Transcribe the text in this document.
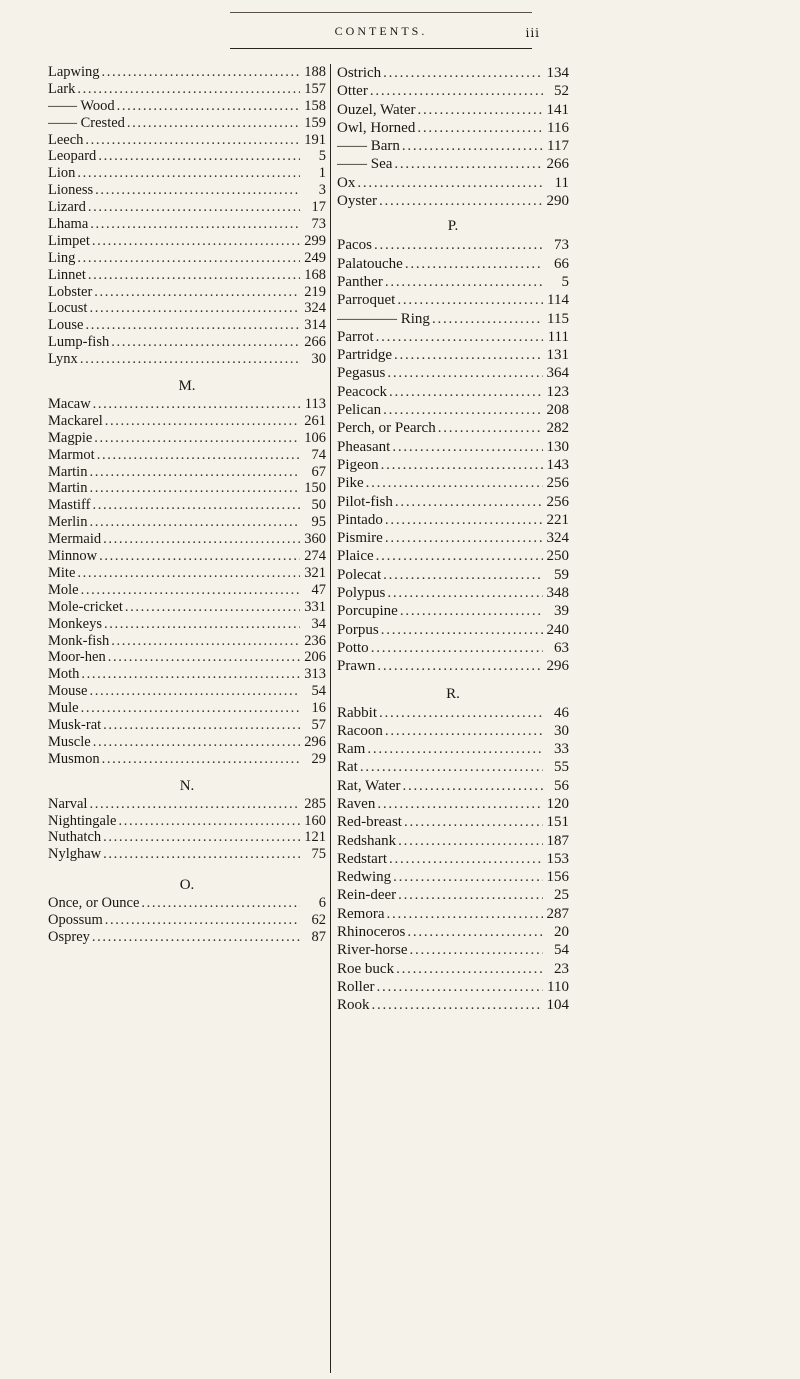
CONTENTS.	iii
Lapwing . . .	188
Lark . . .	157
—— Wood . . .	158
—— Crested . . .	159
Leech . . .	191
Leopard . . .	5
Lion . . .	1
Lioness . . .	3
Lizard . . .	17
Lhama . . .	73
Limpet . . .	299
Ling . . .	249
Linnet . . .	168
Lobster . . .	219
Locust . . .	324
Louse . . .	314
Lump-fish . . .	266
Lynx . . .	30
M.
Macaw . . .	113
Mackarel . . .	261
Magpie . . .	106
Marmot . . .	74
Martin . . .	67
Martin . . .	150
Mastiff . . .	50
Merlin . . .	95
Mermaid . . .	360
Minnow . . .	274
Mite . . .	321
Mole . . .	47
Mole-cricket . . .	331
Monkeys . . .	34
Monk-fish . . .	236
Moor-hen . . .	206
Moth . . .	313
Mouse . . .	54
Mule . . .	16
Musk-rat . . .	57
Muscle . . .	296
Musmon . . .	29
N.
Narval . . .	285
Nightingale . . .	160
Nuthatch . . .	121
Nylghaw . . .	75
O.
Once, or Ounce . . .	6
Opossum . . .	62
Osprey . . .	87
Ostrich . . .	134
Otter . . .	52
Ouzel, Water . . .	141
Owl, Horned . . .	116
—— Barn . . .	117
—— Sea . . .	266
Ox . . .	11
Oyster . . .	290
P.
Pacos . . .	73
Palatouche . . .	66
Panther . . .	5
Parroquet . . .	114
———— Ring . . .	115
Parrot . . .	111
Partridge . . .	131
Pegasus . . .	364
Peacock . . .	123
Pelican . . .	208
Perch, or Pearch . . .	282
Pheasant . . .	130
Pigeon . . .	143
Pike . . .	256
Pilot-fish . . .	256
Pintado . . .	221
Pismire . . .	324
Plaice . . .	250
Polecat . . .	59
Polypus . . .	348
Porcupine . . .	39
Porpus . . .	240
Potto . . .	63
Prawn . . .	296
R.
Rabbit . . .	46
Racoon . . .	30
Ram . . .	33
Rat . . .	55
Rat, Water . . .	56
Raven . . .	120
Red-breast . . .	151
Redshank . . .	187
Redstart . . .	153
Redwing . . .	156
Rein-deer . . .	25
Remora . . .	287
Rhinoceros . . .	20
River-horse . . .	54
Roe buck . . .	23
Roller . . .	110
Rook . . .	104
